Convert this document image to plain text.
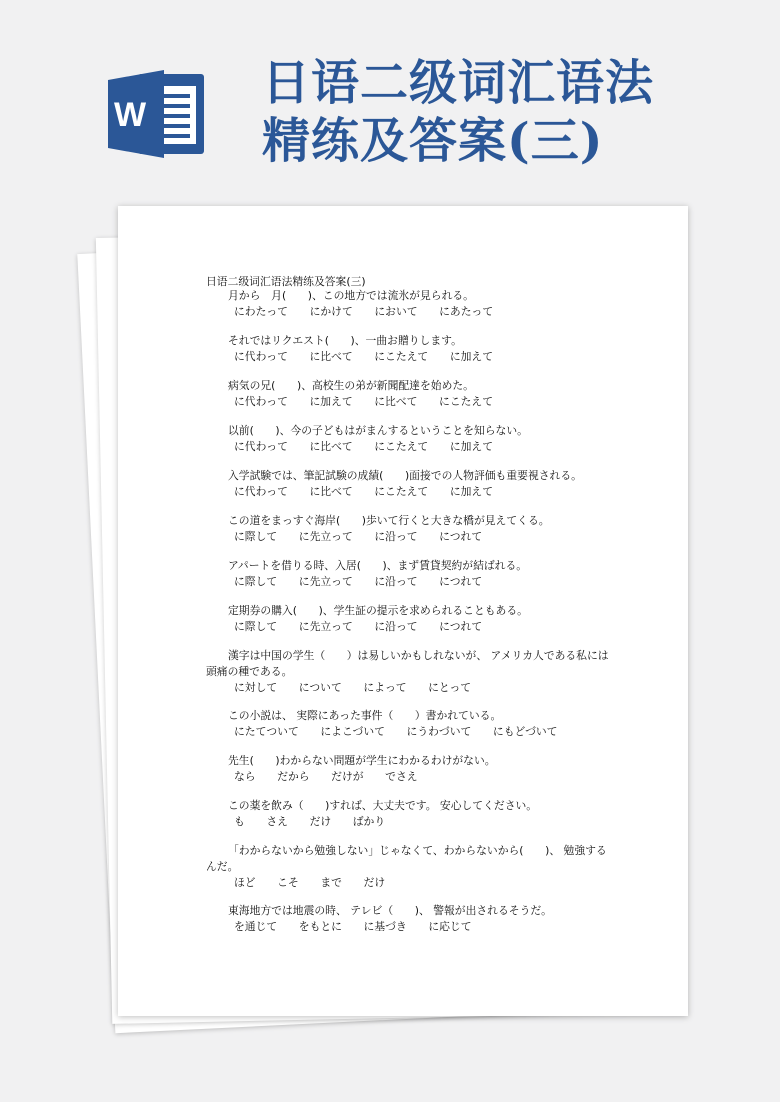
W
日语二级词汇语法
精练及答案(三)
日语二级词汇语法精练及答案(三)
月から　月(　　)、この地方では流氷が見られる。
にわたって　　にかけて　　において　　にあたって
それではリクエスト(　　)、一曲お贈りします。
に代わって　　に比べて　　にこたえて　　に加えて
病気の兄(　　)、高校生の弟が新聞配達を始めた。
に代わって　　に加えて　　に比べて　　にこたえて
以前(　　)、今の子どもはがまんするということを知らない。
に代わって　　に比べて　　にこたえて　　に加えて
入学試験では、筆記試験の成績(　　)面接での人物評価も重要視される。
に代わって　　に比べて　　にこたえて　　に加えて
この道をまっすぐ海岸(　　)歩いて行くと大きな橋が見えてくる。
に際して　　に先立って　　に沿って　　につれて
アパートを借りる時、入居(　　)、まず賃貸契約が結ばれる。
に際して　　に先立って　　に沿って　　につれて
定期券の購入(　　)、学生証の提示を求められることもある。
に際して　　に先立って　　に沿って　　につれて
漢字は中国の学生（　　）は易しいかもしれないが、 アメリカ人である私には頭痛の種である。
に対して　　について　　によって　　にとって
この小説は、 実際にあった事件（　　）書かれている。
にたてついて　　によこづいて　　にうわづいて　　にもどづいて
先生(　　)わからない問題が学生にわかるわけがない。
なら　　だから　　だけが　　でさえ
この薬を飲み（　　)すれば、大丈夫です。 安心してください。
も　　さえ　　だけ　　ばかり
「わからないから勉強しない」じゃなくて、わからないから(　　)、 勉強するんだ。
ほど　　こそ　　まで　　だけ
東海地方では地震の時、 テレビ（　　)、 警報が出されるそうだ。
を通じて　　をもとに　　に基づき　　に応じて
